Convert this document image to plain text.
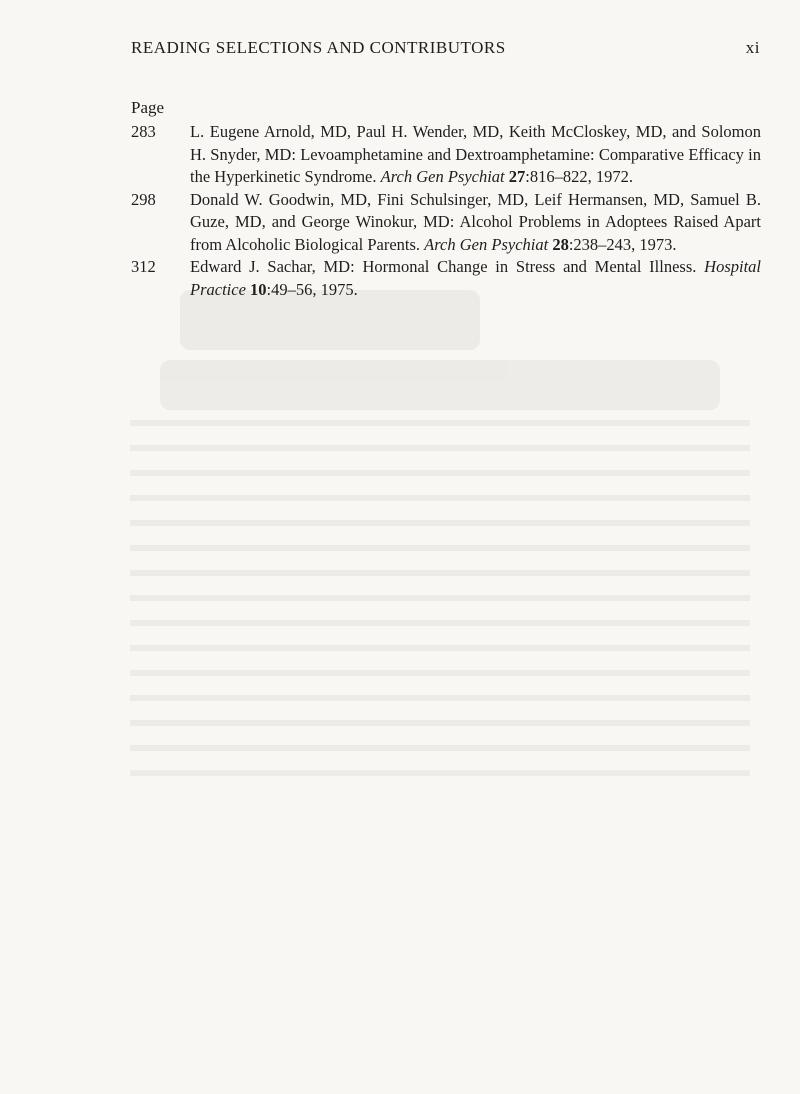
READING SELECTIONS AND CONTRIBUTORS	xi
Page
283	L. Eugene Arnold, MD, Paul H. Wender, MD, Keith McCloskey, MD, and Solomon H. Snyder, MD: Levoamphetamine and Dextroamphetamine: Comparative Efficacy in the Hyperkinetic Syndrome. Arch Gen Psychiat 27:816–822, 1972.
298	Donald W. Goodwin, MD, Fini Schulsinger, MD, Leif Hermansen, MD, Samuel B. Guze, MD, and George Winokur, MD: Alcohol Problems in Adoptees Raised Apart from Alcoholic Biological Parents. Arch Gen Psychiat 28:238–243, 1973.
312	Edward J. Sachar, MD: Hormonal Change in Stress and Mental Illness. Hospital Practice 10:49–56, 1975.
